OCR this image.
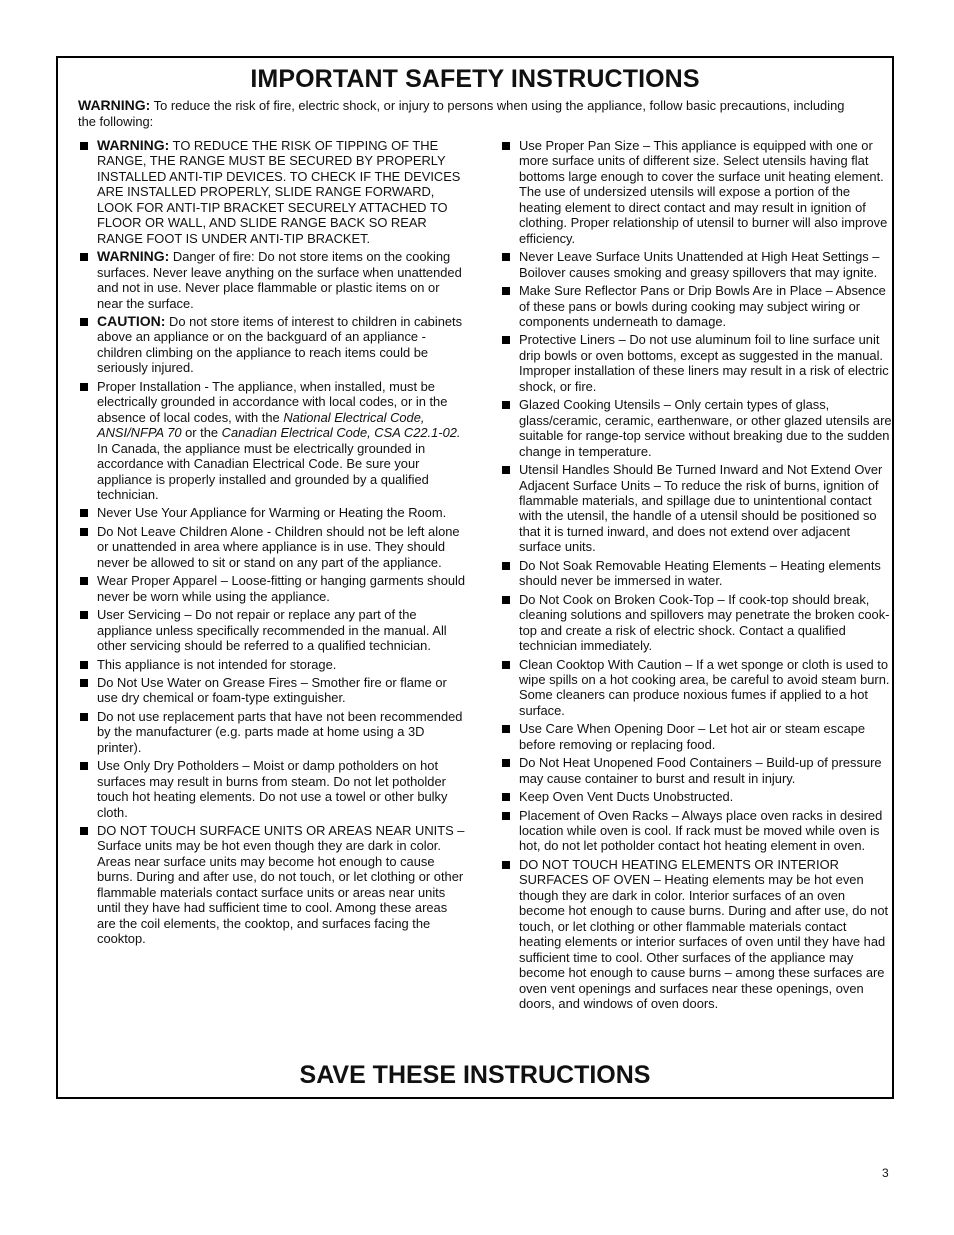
IMPORTANT SAFETY INSTRUCTIONS
WARNING: To reduce the risk of fire, electric shock, or injury to persons when using the appliance, follow basic precautions, including the following:
WARNING: TO REDUCE THE RISK OF TIPPING OF THE RANGE, THE RANGE MUST BE SECURED BY PROPERLY INSTALLED ANTI-TIP DEVICES. TO CHECK IF THE DEVICES ARE INSTALLED PROPERLY, SLIDE RANGE FORWARD, LOOK FOR ANTI-TIP BRACKET SECURELY ATTACHED TO FLOOR OR WALL, AND SLIDE RANGE BACK SO REAR RANGE FOOT IS UNDER ANTI-TIP BRACKET.
WARNING: Danger of fire: Do not store items on the cooking surfaces. Never leave anything on the surface when unattended and not in use. Never place flammable or plastic items on or near the surface.
CAUTION: Do not store items of interest to children in cabinets above an appliance or on the backguard of an appliance - children climbing on the appliance to reach items could be seriously injured.
Proper Installation - The appliance, when installed, must be electrically grounded in accordance with local codes, or in the absence of local codes, with the National Electrical Code, ANSI/NFPA 70 or the Canadian Electrical Code, CSA C22.1-02. In Canada, the appliance must be electrically grounded in accordance with Canadian Electrical Code. Be sure your appliance is properly installed and grounded by a qualified technician.
Never Use Your Appliance for Warming or Heating the Room.
Do Not Leave Children Alone - Children should not be left alone or unattended in area where appliance is in use. They should never be allowed to sit or stand on any part of the appliance.
Wear Proper Apparel – Loose-fitting or hanging garments should never be worn while using the appliance.
User Servicing – Do not repair or replace any part of the appliance unless specifically recommended in the manual. All other servicing should be referred to a qualified technician.
This appliance is not intended for storage.
Do Not Use Water on Grease Fires – Smother fire or flame or use dry chemical or foam-type extinguisher.
Do not use replacement parts that have not been recommended by the manufacturer (e.g. parts made at home using a 3D printer).
Use Only Dry Potholders – Moist or damp potholders on hot surfaces may result in burns from steam. Do not let potholder touch hot heating elements. Do not use a towel or other bulky cloth.
DO NOT TOUCH SURFACE UNITS OR AREAS NEAR UNITS – Surface units may be hot even though they are dark in color. Areas near surface units may become hot enough to cause burns. During and after use, do not touch, or let clothing or other flammable materials contact surface units or areas near units until they have had sufficient time to cool. Among these areas are the coil elements, the cooktop, and surfaces facing the cooktop.
Use Proper Pan Size – This appliance is equipped with one or more surface units of different size. Select utensils having flat bottoms large enough to cover the surface unit heating element. The use of undersized utensils will expose a portion of the heating element to direct contact and may result in ignition of clothing. Proper relationship of utensil to burner will also improve efficiency.
Never Leave Surface Units Unattended at High Heat Settings – Boilover causes smoking and greasy spillovers that may ignite.
Make Sure Reflector Pans or Drip Bowls Are in Place – Absence of these pans or bowls during cooking may subject wiring or components underneath to damage.
Protective Liners – Do not use aluminum foil to line surface unit drip bowls or oven bottoms, except as suggested in the manual. Improper installation of these liners may result in a risk of electric shock, or fire.
Glazed Cooking Utensils – Only certain types of glass, glass/ceramic, ceramic, earthenware, or other glazed utensils are suitable for range-top service without breaking due to the sudden change in temperature.
Utensil Handles Should Be Turned Inward and Not Extend Over Adjacent Surface Units – To reduce the risk of burns, ignition of flammable materials, and spillage due to unintentional contact with the utensil, the handle of a utensil should be positioned so that it is turned inward, and does not extend over adjacent surface units.
Do Not Soak Removable Heating Elements – Heating elements should never be immersed in water.
Do Not Cook on Broken Cook-Top – If cook-top should break, cleaning solutions and spillovers may penetrate the broken cook-top and create a risk of electric shock. Contact a qualified technician immediately.
Clean Cooktop With Caution – If a wet sponge or cloth is used to wipe spills on a hot cooking area, be careful to avoid steam burn. Some cleaners can produce noxious fumes if applied to a hot surface.
Use Care When Opening Door – Let hot air or steam escape before removing or replacing food.
Do Not Heat Unopened Food Containers – Build-up of pressure may cause container to burst and result in injury.
Keep Oven Vent Ducts Unobstructed.
Placement of Oven Racks – Always place oven racks in desired location while oven is cool. If rack must be moved while oven is hot, do not let potholder contact hot heating element in oven.
DO NOT TOUCH HEATING ELEMENTS OR INTERIOR SURFACES OF OVEN – Heating elements may be hot even though they are dark in color. Interior surfaces of an oven become hot enough to cause burns. During and after use, do not touch, or let clothing or other flammable materials contact heating elements or interior surfaces of oven until they have had sufficient time to cool. Other surfaces of the appliance may become hot enough to cause burns – among these surfaces are oven vent openings and surfaces near these openings, oven doors, and windows of oven doors.
SAVE THESE INSTRUCTIONS
3
